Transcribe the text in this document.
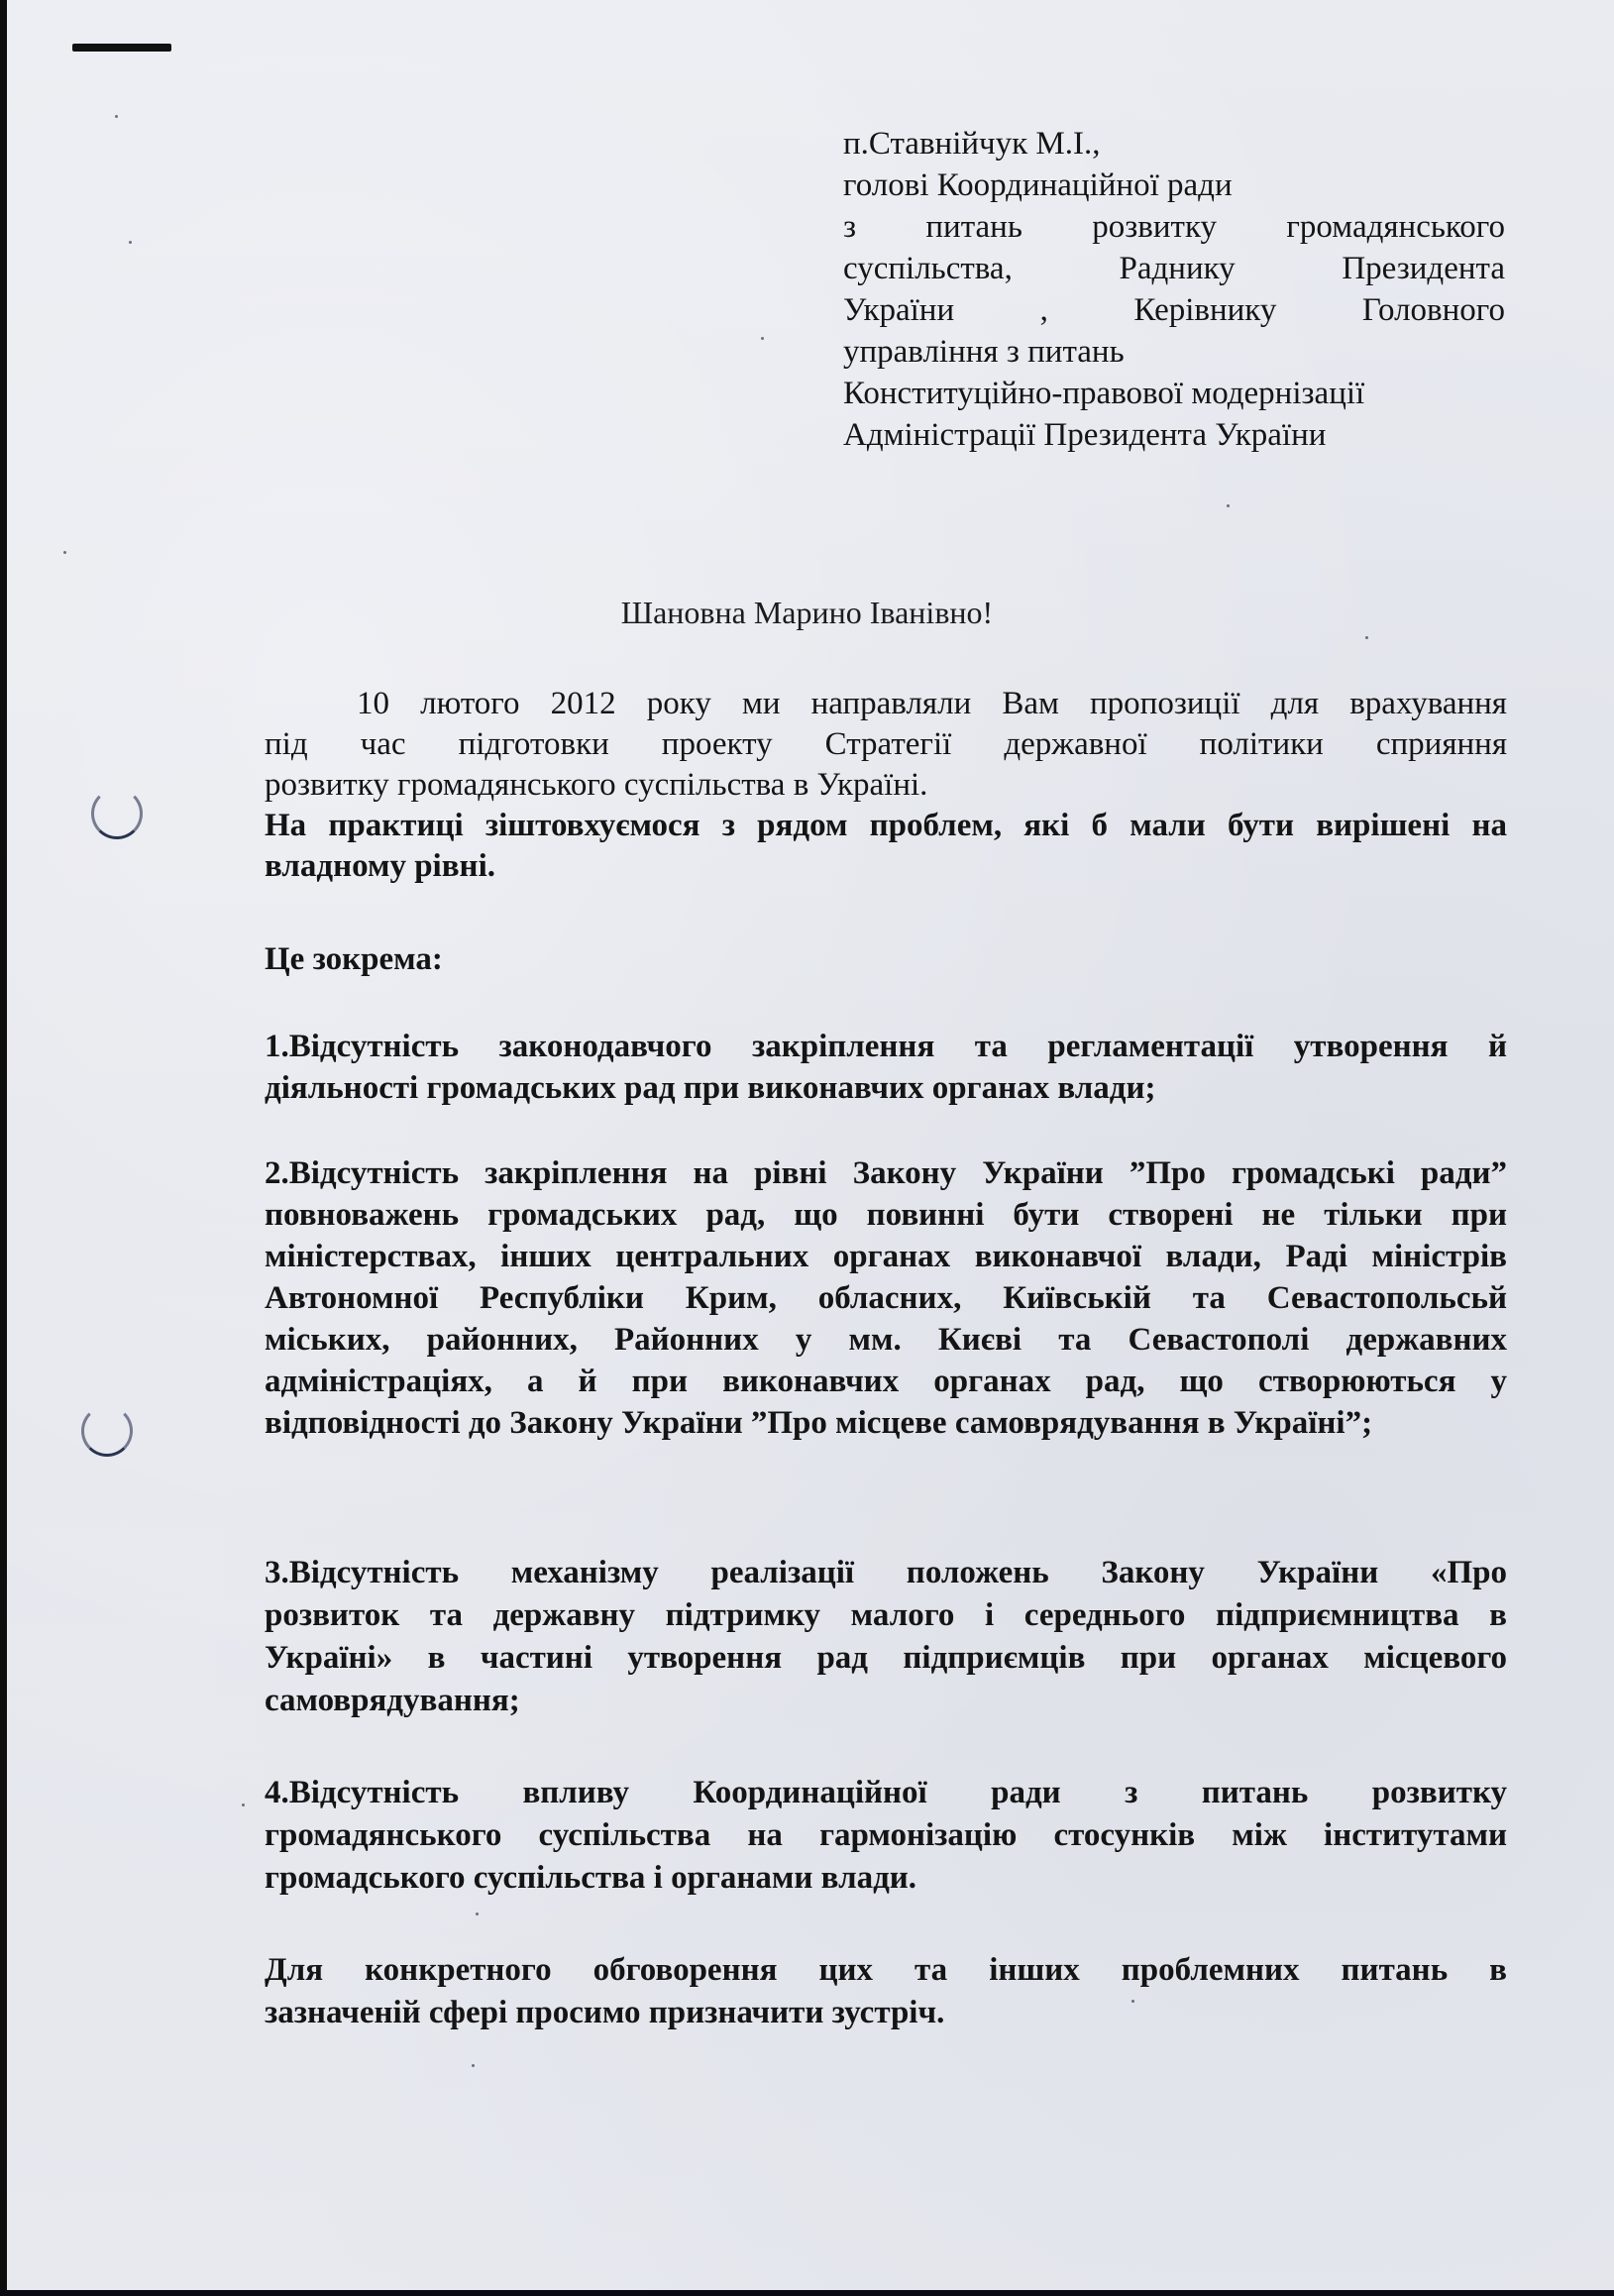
п.Ставнійчук М.І.,
голові Координаційної ради
з питань розвитку громадянського
суспільства, Раднику Президента
України , Керівнику Головного
управління з питань
Конституційно-правової модернізації
Адміністрації Президента України
Шановна Марино Іванівно!
10 лютого 2012 року ми направляли Вам пропозиції для врахування
під час підготовки проекту Стратегії державної політики сприяння
розвитку громадянського суспільства в Україні.
На практиці зіштовхуємося з рядом проблем, які б мали бути вирішені на
владному рівні.
Це зокрема:
1.Відсутність законодавчого закріплення та регламентації утворення й
діяльності громадських рад при виконавчих органах влади;
2.Відсутність закріплення на рівні Закону України ”Про громадські ради”
повноважень громадських рад, що повинні бути створені не тільки при
міністерствах, інших центральних органах виконавчої влади, Раді міністрів
Автономної Республіки Крим, обласних, Київській та Севастопольсьй
міських, районних, Районних у мм. Києві та Севастополі державних
адміністраціях, а й при виконавчих органах рад, що створюються у
відповідності до Закону України ”Про місцеве самоврядування в Україні”;
3.Відсутність механізму реалізації положень Закону України «Про
розвиток та державну підтримку малого і середнього підприємництва в
Україні» в частині утворення рад підприємців при органах місцевого
самоврядування;
4.Відсутність впливу Координаційної ради з питань розвитку
громадянського суспільства на гармонізацію стосунків між інститутами
громадського суспільства і органами влади.
Для конкретного обговорення цих та інших проблемних питань в
зазначеній сфері просимо призначити зустріч.
